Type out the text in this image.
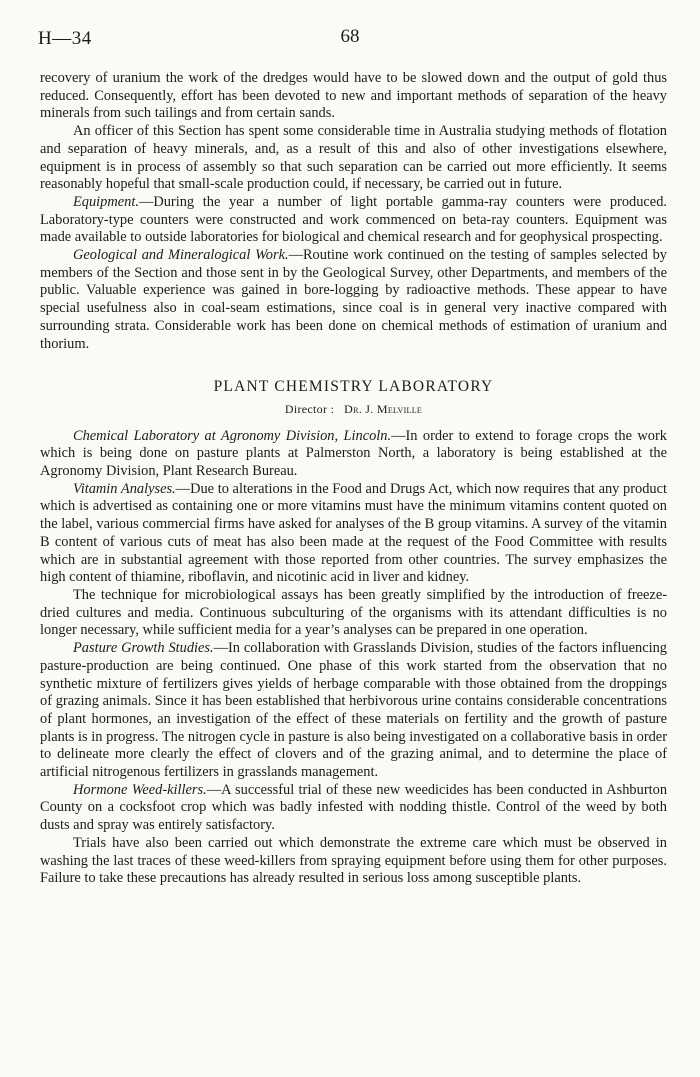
H—34	68

recovery of uranium the work of the dredges would have to be slowed down and the output of gold thus reduced. Consequently, effort has been devoted to new and important methods of separation of the heavy minerals from such tailings and from certain sands.

An officer of this Section has spent some considerable time in Australia studying methods of flotation and separation of heavy minerals, and, as a result of this and also of other investigations elsewhere, equipment is in process of assembly so that such separation can be carried out more efficiently. It seems reasonably hopeful that small-scale production could, if necessary, be carried out in future.

Equipment.—During the year a number of light portable gamma-ray counters were produced. Laboratory-type counters were constructed and work commenced on beta-ray counters. Equipment was made available to outside laboratories for biological and chemical research and for geophysical prospecting.

Geological and Mineralogical Work.—Routine work continued on the testing of samples selected by members of the Section and those sent in by the Geological Survey, other Departments, and members of the public. Valuable experience was gained in bore-logging by radioactive methods. These appear to have special usefulness also in coal-seam estimations, since coal is in general very inactive compared with surrounding strata. Considerable work has been done on chemical methods of estimation of uranium and thorium.

PLANT CHEMISTRY LABORATORY
Director : Dr. J. Melville

Chemical Laboratory at Agronomy Division, Lincoln.—In order to extend to forage crops the work which is being done on pasture plants at Palmerston North, a laboratory is being established at the Agronomy Division, Plant Research Bureau.

Vitamin Analyses.—Due to alterations in the Food and Drugs Act, which now requires that any product which is advertised as containing one or more vitamins must have the minimum vitamins content quoted on the label, various commercial firms have asked for analyses of the B group vitamins. A survey of the vitamin B content of various cuts of meat has also been made at the request of the Food Committee with results which are in substantial agreement with those reported from other countries. The survey emphasizes the high content of thiamine, riboflavin, and nicotinic acid in liver and kidney.

The technique for microbiological assays has been greatly simplified by the introduction of freeze-dried cultures and media. Continuous subculturing of the organisms with its attendant difficulties is no longer necessary, while sufficient media for a year’s analyses can be prepared in one operation.

Pasture Growth Studies.—In collaboration with Grasslands Division, studies of the factors influencing pasture-production are being continued. One phase of this work started from the observation that no synthetic mixture of fertilizers gives yields of herbage comparable with those obtained from the droppings of grazing animals. Since it has been established that herbivorous urine contains considerable concentrations of plant hormones, an investigation of the effect of these materials on fertility and the growth of pasture plants is in progress. The nitrogen cycle in pasture is also being investigated on a collaborative basis in order to delineate more clearly the effect of clovers and of the grazing animal, and to determine the place of artificial nitrogenous fertilizers in grasslands management.

Hormone Weed-killers.—A successful trial of these new weedicides has been conducted in Ashburton County on a cocksfoot crop which was badly infested with nodding thistle. Control of the weed by both dusts and spray was entirely satisfactory.

Trials have also been carried out which demonstrate the extreme care which must be observed in washing the last traces of these weed-killers from spraying equipment before using them for other purposes. Failure to take these precautions has already resulted in serious loss among susceptible plants.
